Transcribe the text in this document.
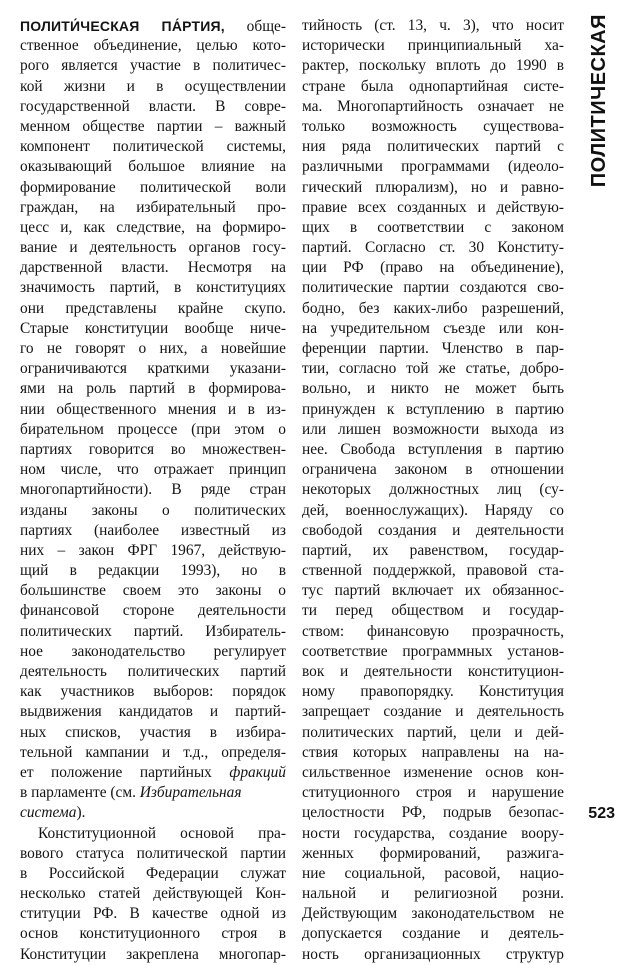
ПОЛИТИ́ЧЕСКАЯ ПА́РТИЯ, обще-
ственное объединение, целью кото-
рого является участие в политичес-
кой жизни и в осуществлении
государственной власти. В совре-
менном обществе партии – важный
компонент политической системы,
оказывающий большое влияние на
формирование политической воли
граждан, на избирательный про-
цесс и, как следствие, на формиро-
вание и деятельность органов госу-
дарственной власти. Несмотря на
значимость партий, в конституциях
они представлены крайне скупо.
Старые конституции вообще ниче-
го не говорят о них, а новейшие
ограничиваются краткими указани-
ями на роль партий в формирова-
нии общественного мнения и в из-
бирательном процессе (при этом о
партиях говорится во множествен-
ном числе, что отражает принцип
многопартийности). В ряде стран
изданы законы о политических
партиях (наиболее известный из
них – закон ФРГ 1967, действую-
щий в редакции 1993), но в
большинстве своем это законы о
финансовой стороне деятельности
политических партий. Избиратель-
ное законодательство регулирует
деятельность политических партий
как участников выборов: порядок
выдвижения кандидатов и партий-
ных списков, участия в избира-
тельной кампании и т.д., определя-
ет положение партийных фракций
в парламенте (см. Избирательная
система).
Конституционной основой пра-
вового статуса политической партии
в Российской Федерации служат
несколько статей действующей Кон-
ституции РФ. В качестве одной из
основ конституционного строя в
Конституции закреплена многопар-
тийность (ст. 13, ч. 3), что носит
исторически принципиальный ха-
рактер, поскольку вплоть до 1990 в
стране была однопартийная систе-
ма. Многопартийность означает не
только возможность существова-
ния ряда политических партий с
различными программами (идеоло-
гический плюрализм), но и равно-
правие всех созданных и действую-
щих в соответствии с законом
партий. Согласно ст. 30 Конститу-
ции РФ (право на объединение),
политические партии создаются сво-
бодно, без каких-либо разрешений,
на учредительном съезде или кон-
ференции партии. Членство в пар-
тии, согласно той же статье, добро-
вольно, и никто не может быть
принужден к вступлению в партию
или лишен возможности выхода из
нее. Свобода вступления в партию
ограничена законом в отношении
некоторых должностных лиц (су-
дей, военнослужащих). Наряду со
свободой создания и деятельности
партий, их равенством, государ-
ственной поддержкой, правовой ста-
тус партий включает их обязаннос-
ти перед обществом и государ-
ством: финансовую прозрачность,
соответствие программных установ-
вок и деятельности конституцион-
ному правопорядку. Конституция
запрещает создание и деятельность
политических партий, цели и дей-
ствия которых направлены на на-
сильственное изменение основ кон-
ституционного строя и нарушение
целостности РФ, подрыв безопас-
ности государства, создание воору-
женных формирований, разжига-
ние социальной, расовой, нацио-
нальной и религиозной розни.
Действующим законодательством не
допускается создание и деятель-
ность организационных структур
ПОЛИТИЧЕСКАЯ
523
